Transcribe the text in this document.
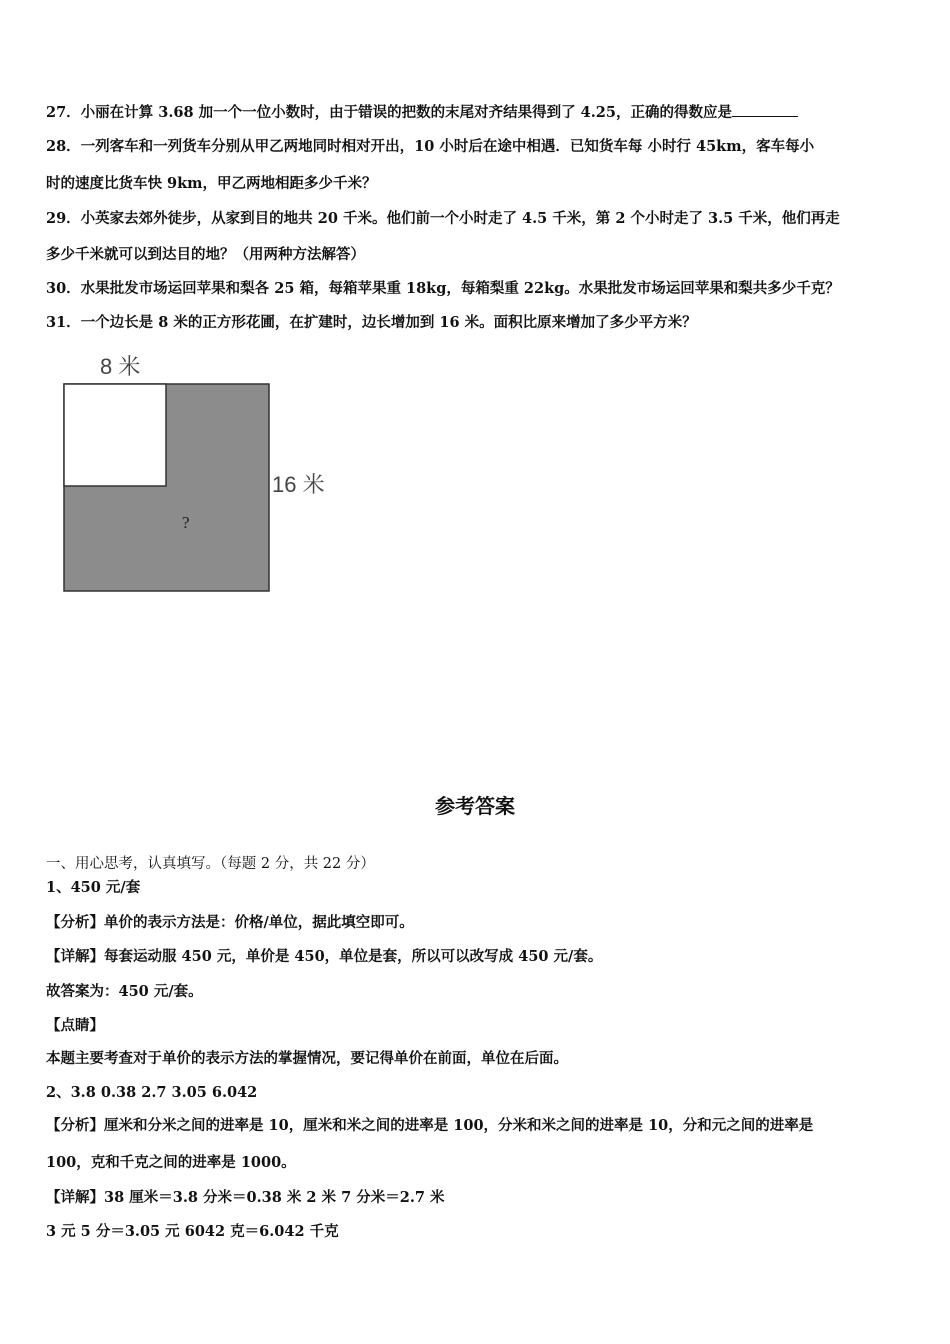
27．小丽在计算 3.68 加一个一位小数时，由于错误的把数的末尾对齐结果得到了 4.25，正确的得数应是
28．一列客车和一列货车分别从甲乙两地同时相对开出，10 小时后在途中相遇．已知货车每 小时行 45km，客车每小
时的速度比货车快 9km，甲乙两地相距多少千米？
29．小英家去郊外徒步，从家到目的地共 20 千米。他们前一个小时走了 4.5 千米，第 2 个小时走了 3.5 千米，他们再走
多少千米就可以到达目的地？（用两种方法解答）
30．水果批发市场运回苹果和梨各 25 箱，每箱苹果重 18kg，每箱梨重 22kg。水果批发市场运回苹果和梨共多少千克？
31．一个边长是 8 米的正方形花圃，在扩建时，边长增加到 16 米。面积比原来增加了多少平方米？
8 米
16 米
?
参考答案
一、用心思考，认真填写。（每题 2 分，共 22 分）
1、450 元/套
【分析】单价的表示方法是：价格/单位，据此填空即可。
【详解】每套运动服 450 元，单价是 450，单位是套，所以可以改写成 450 元/套。
故答案为：450 元/套。
【点睛】
本题主要考查对于单价的表示方法的掌握情况，要记得单价在前面，单位在后面。
2、3.8 0.38 2.7 3.05 6.042
【分析】厘米和分米之间的进率是 10，厘米和米之间的进率是 100，分米和米之间的进率是 10，分和元之间的进率是
100，克和千克之间的进率是 1000。
【详解】38 厘米＝3.8 分米＝0.38 米 2 米 7 分米＝2.7 米
3 元 5 分＝3.05 元 6042 克＝6.042 千克
